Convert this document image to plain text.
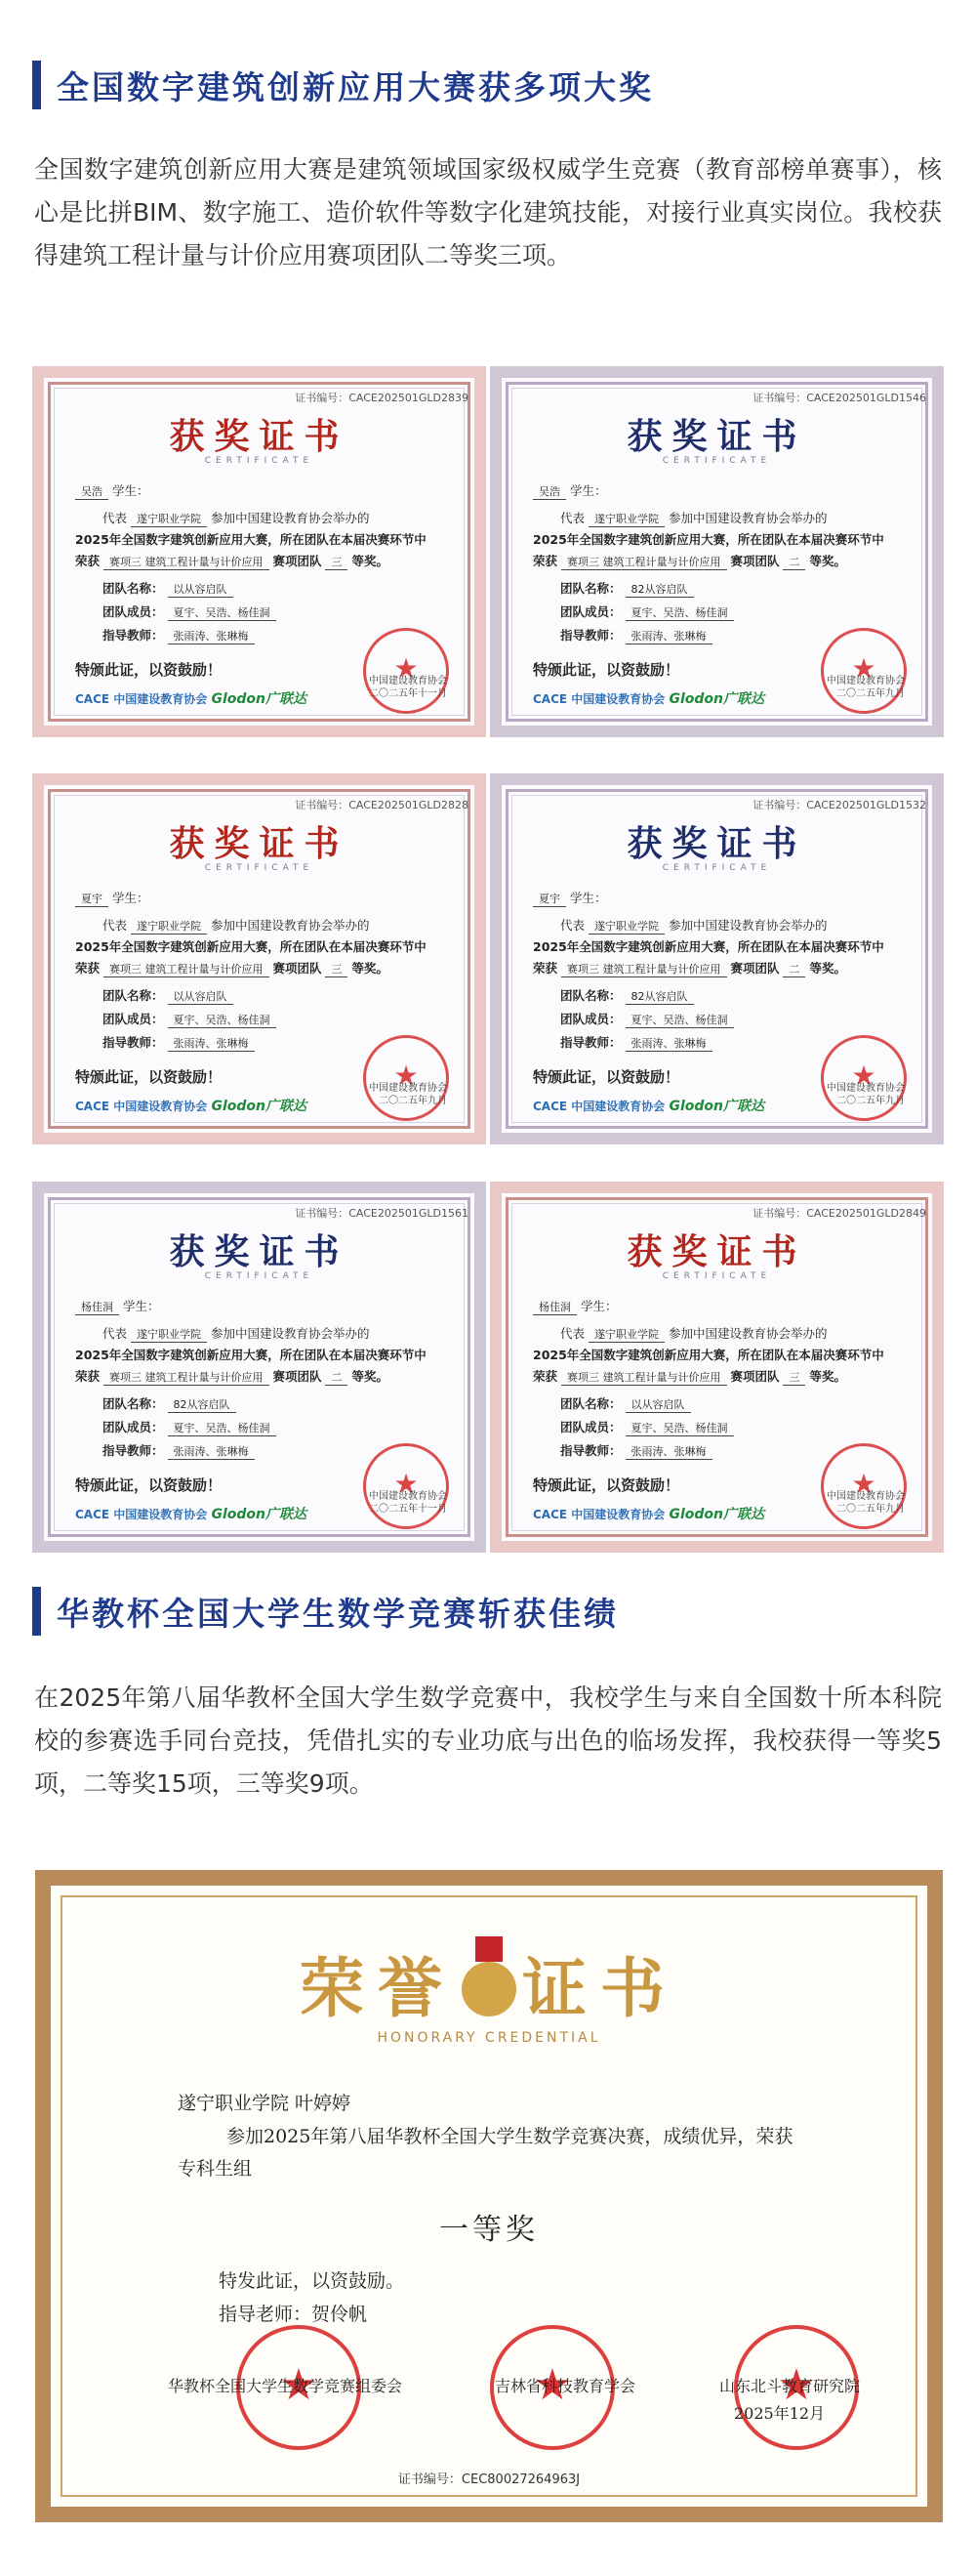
全国数字建筑创新应用大赛获多项大奖
全国数字建筑创新应用大赛是建筑领域国家级权威学生竞赛（教育部榜单赛事），核心是比拼BIM、数字施工、造价软件等数字化建筑技能，对接行业真实岗位。我校获得建筑工程计量与计价应用赛项团队二等奖三项。
证书编号：CACE202501GLD2839
获奖证书
CERTIFICATE
吴浩 学生：
代表 遂宁职业学院 参加中国建设教育协会举办的
2025年全国数字建筑创新应用大赛，所在团队在本届决赛环节中
荣获 赛项三 建筑工程计量与计价应用 赛项团队 三 等奖。
团队名称： 以从容启队
团队成员： 夏宇、吴浩、杨佳洞
指导教师： 张雨涛、张琳梅
特颁此证，以资鼓励！
CACE 中国建设教育协会 Glodon广联达
★
中国建设教育协会
二〇二五年十一月
证书编号：CACE202501GLD1546
获奖证书
CERTIFICATE
吴浩 学生：
代表 遂宁职业学院 参加中国建设教育协会举办的
2025年全国数字建筑创新应用大赛，所在团队在本届决赛环节中
荣获 赛项三 建筑工程计量与计价应用 赛项团队 二 等奖。
团队名称： 82从容启队
团队成员： 夏宇、吴浩、杨佳洞
指导教师： 张雨涛、张琳梅
特颁此证，以资鼓励！
CACE 中国建设教育协会 Glodon广联达
★
中国建设教育协会
二〇二五年九月
证书编号：CACE202501GLD2828
获奖证书
CERTIFICATE
夏宇 学生：
代表 遂宁职业学院 参加中国建设教育协会举办的
2025年全国数字建筑创新应用大赛，所在团队在本届决赛环节中
荣获 赛项三 建筑工程计量与计价应用 赛项团队 三 等奖。
团队名称： 以从容启队
团队成员： 夏宇、吴浩、杨佳洞
指导教师： 张雨涛、张琳梅
特颁此证，以资鼓励！
CACE 中国建设教育协会 Glodon广联达
★
中国建设教育协会
二〇二五年九月
证书编号：CACE202501GLD1532
获奖证书
CERTIFICATE
夏宇 学生：
代表 遂宁职业学院 参加中国建设教育协会举办的
2025年全国数字建筑创新应用大赛，所在团队在本届决赛环节中
荣获 赛项三 建筑工程计量与计价应用 赛项团队 二 等奖。
团队名称： 82从容启队
团队成员： 夏宇、吴浩、杨佳洞
指导教师： 张雨涛、张琳梅
特颁此证，以资鼓励！
CACE 中国建设教育协会 Glodon广联达
★
中国建设教育协会
二〇二五年九月
证书编号：CACE202501GLD1561
获奖证书
CERTIFICATE
杨佳洞 学生：
代表 遂宁职业学院 参加中国建设教育协会举办的
2025年全国数字建筑创新应用大赛，所在团队在本届决赛环节中
荣获 赛项三 建筑工程计量与计价应用 赛项团队 二 等奖。
团队名称： 82从容启队
团队成员： 夏宇、吴浩、杨佳洞
指导教师： 张雨涛、张琳梅
特颁此证，以资鼓励！
CACE 中国建设教育协会 Glodon广联达
★
中国建设教育协会
二〇二五年十一月
证书编号：CACE202501GLD2849
获奖证书
CERTIFICATE
杨佳洞 学生：
代表 遂宁职业学院 参加中国建设教育协会举办的
2025年全国数字建筑创新应用大赛，所在团队在本届决赛环节中
荣获 赛项三 建筑工程计量与计价应用 赛项团队 三 等奖。
团队名称： 以从容启队
团队成员： 夏宇、吴浩、杨佳洞
指导教师： 张雨涛、张琳梅
特颁此证，以资鼓励！
CACE 中国建设教育协会 Glodon广联达
★
中国建设教育协会
二〇二五年九月
华教杯全国大学生数学竞赛斩获佳绩
在2025年第八届华教杯全国大学生数学竞赛中，我校学生与来自全国数十所本科院校的参赛选手同台竞技，凭借扎实的专业功底与出色的临场发挥，我校获得一等奖5项，二等奖15项，三等奖9项。
荣誉 证书
HONORARY CREDENTIAL
遂宁职业学院 叶婷婷
参加2025年第八届华教杯全国大学生数学竞赛决赛，成绩优异，荣获
专科生组
一等奖
特发此证，以资鼓励。
指导老师：贺伶帆
★
★
★
华教杯全国大学生数学竞赛组委会	吉林省科技教育学会	山东北斗教育研究院
2025年12月
证书编号：CEC80027264963J
